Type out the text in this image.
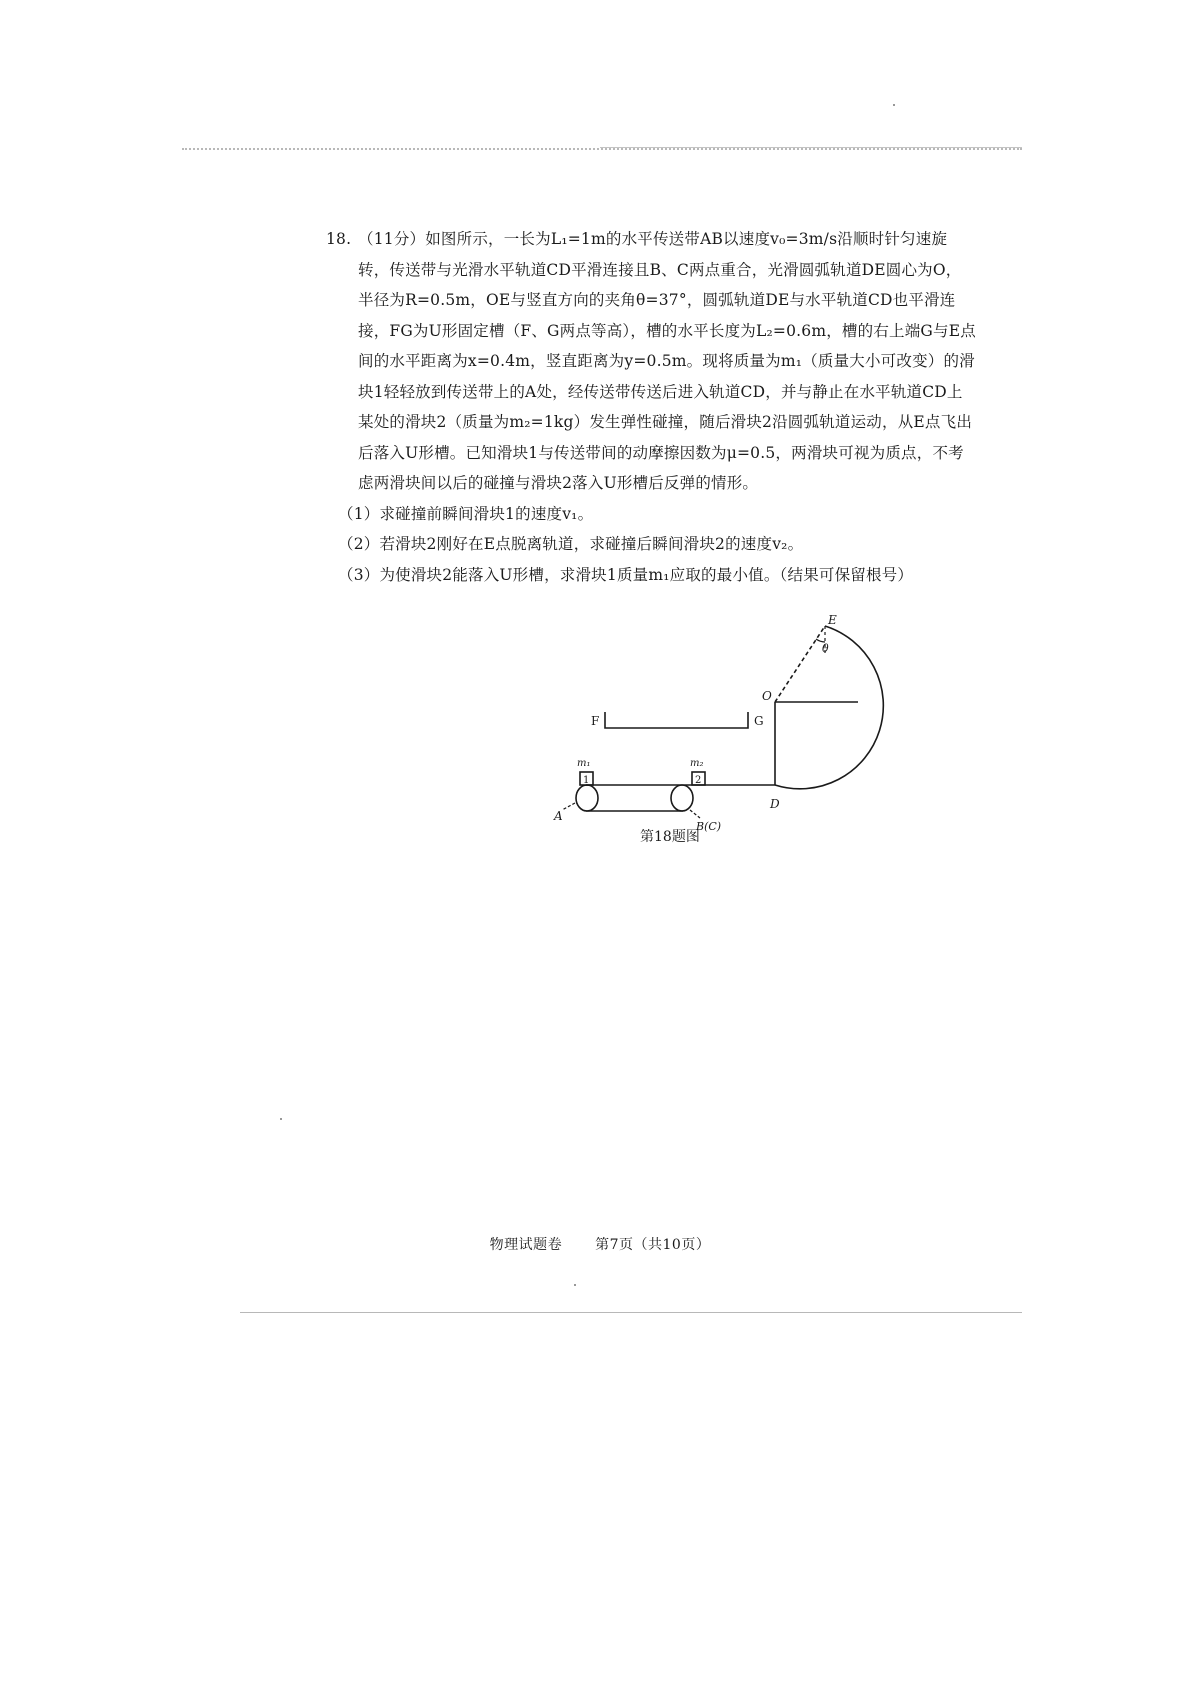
18. （11分）如图所示，一长为L₁=1m的水平传送带AB以速度v₀=3m/s沿顺时针匀速旋转，传送带与光滑水平轨道CD平滑连接且B、C两点重合，光滑圆弧轨道DE圆心为O，半径为R=0.5m，OE与竖直方向的夹角θ=37°，圆弧轨道DE与水平轨道CD也平滑连接，FG为U形固定槽（F、G两点等高），槽的水平长度为L₂=0.6m，槽的右上端G与E点间的水平距离为x=0.4m，竖直距离为y=0.5m。现将质量为m₁（质量大小可改变）的滑块1轻轻放到传送带上的A处，经传送带传送后进入轨道CD，并与静止在水平轨道CD上某处的滑块2（质量为m₂=1kg）发生弹性碰撞，随后滑块2沿圆弧轨道运动，从E点飞出后落入U形槽。已知滑块1与传送带间的动摩擦因数为μ=0.5，两滑块可视为质点，不考虑两滑块间以后的碰撞与滑块2落入U形槽后反弹的情形。
（1）求碰撞前瞬间滑块1的速度v₁。
（2）若滑块2刚好在E点脱离轨道，求碰撞后瞬间滑块2的速度v₂。
（3）为使滑块2能落入U形槽，求滑块1质量m₁应取的最小值。（结果可保留根号）
E
θ
O
F	G
m₁	m₂
A
B(C)
D
1	2
第18题图
物理试题卷 第7页（共10页）
